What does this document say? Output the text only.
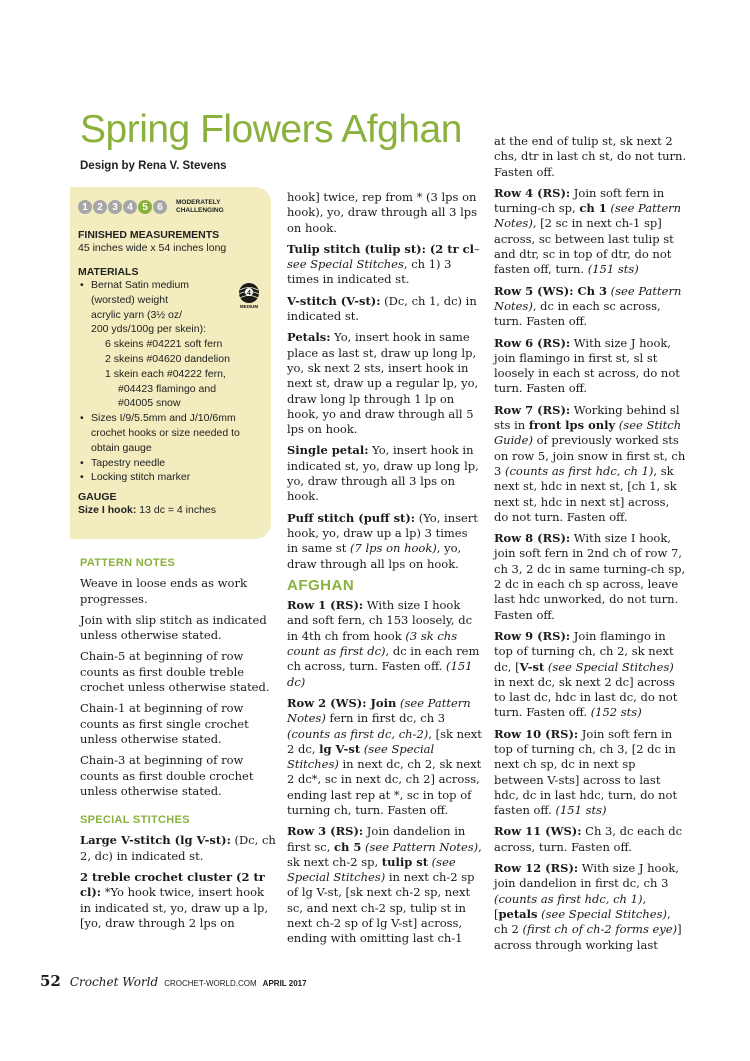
Spring Flowers Afghan
Design by Rena V. Stevens
1 2 3 4 5 6	MODERATELY
CHALLENGING
FINISHED MEASUREMENTS
45 inches wide x 54 inches long
MATERIALS
4
MEDIUM
• Bernat Satin medium
(worsted) weight
acrylic yarn (3½ oz/
200 yds/100g per skein):
6 skeins #04221 soft fern
2 skeins #04620 dandelion
1 skein each #04222 fern,
#04423 flamingo and
#04005 snow
• Sizes I/9/5.5mm and J/10/6mm
crochet hooks or size needed to
obtain gauge
• Tapestry needle
• Locking stitch marker
GAUGE
Size I hook: 13 dc = 4 inches
PATTERN NOTES

Weave in loose ends as work progresses.

Join with slip stitch as indicated unless otherwise stated.

Chain-5 at beginning of row counts as first double treble crochet unless otherwise stated.

Chain-1 at beginning of row counts as first single crochet unless otherwise stated.

Chain-3 at beginning of row counts as first double crochet unless otherwise stated.

SPECIAL STITCHES

Large V-stitch (lg V-st): (Dc, ch 2, dc) in indicated st.

2 treble crochet cluster (2 tr cl): *Yo hook twice, insert hook in indicated st, yo, draw up a lp, [yo, draw through 2 lps on

hook] twice, rep from * (3 lps on hook), yo, draw through all 3 lps on hook.

Tulip stitch (tulip st): (2 tr cl–see Special Stitches, ch 1) 3 times in indicated st.

V-stitch (V-st): (Dc, ch 1, dc) in indicated st.

Petals: Yo, insert hook in same place as last st, draw up long lp, yo, sk next 2 sts, insert hook in next st, draw up a regular lp, yo, draw long lp through 1 lp on hook, yo and draw through all 5 lps on hook.

Single petal: Yo, insert hook in indicated st, yo, draw up long lp, yo, draw through all 3 lps on hook.

Puff stitch (puff st): (Yo, insert hook, yo, draw up a lp) 3 times in same st (7 lps on hook), yo, draw through all lps on hook.

AFGHAN

Row 1 (RS): With size I hook and soft fern, ch 153 loosely, dc in 4th ch from hook (3 sk chs count as first dc), dc in each rem ch across, turn. Fasten off. (151 dc)

Row 2 (WS): Join (see Pattern Notes) fern in first dc, ch 3 (counts as first dc, ch-2), [sk next 2 dc, lg V-st (see Special Stitches) in next dc, ch 2, sk next 2 dc*, sc in next dc, ch 2] across, ending last rep at *, sc in top of turning ch, turn. Fasten off.

Row 3 (RS): Join dandelion in first sc, ch 5 (see Pattern Notes), sk next ch-2 sp, tulip st (see Special Stitches) in next ch-2 sp of lg V-st, [sk next ch-2 sp, next sc, and next ch-2 sp, tulip st in next ch-2 sp of lg V-st] across, ending with omitting last ch-1

at the end of tulip st, sk next 2 chs, dtr in last ch st, do not turn. Fasten off.

Row 4 (RS): Join soft fern in turning-ch sp, ch 1 (see Pattern Notes), [2 sc in next ch-1 sp] across, sc between last tulip st and dtr, sc in top of dtr, do not fasten off, turn. (151 sts)

Row 5 (WS): Ch 3 (see Pattern Notes), dc in each sc across, turn. Fasten off.

Row 6 (RS): With size J hook, join flamingo in first st, sl st loosely in each st across, do not turn. Fasten off.

Row 7 (RS): Working behind sl sts in front lps only (see Stitch Guide) of previously worked sts on row 5, join snow in first st, ch 3 (counts as first hdc, ch 1), sk next st, hdc in next st, [ch 1, sk next st, hdc in next st] across, do not turn. Fasten off.

Row 8 (RS): With size I hook, join soft fern in 2nd ch of row 7, ch 3, 2 dc in same turning-ch sp, 2 dc in each ch sp across, leave last hdc unworked, do not turn. Fasten off.

Row 9 (RS): Join flamingo in top of turning ch, ch 2, sk next dc, [V-st (see Special Stitches) in next dc, sk next 2 dc] across to last dc, hdc in last dc, do not turn. Fasten off. (152 sts)

Row 10 (RS): Join soft fern in top of turning ch, ch 3, [2 dc in next ch sp, dc in next sp between V-sts] across to last hdc, dc in last hdc, turn, do not fasten off. (151 sts)

Row 11 (WS): Ch 3, dc each dc across, turn. Fasten off.

Row 12 (RS): With size J hook, join dandelion in first dc, ch 3 (counts as first hdc, ch 1), [petals (see Special Stitches), ch 2 (first ch of ch-2 forms eye)] across through working last

52 Crochet World CROCHET-WORLD.COM APRIL 2017
